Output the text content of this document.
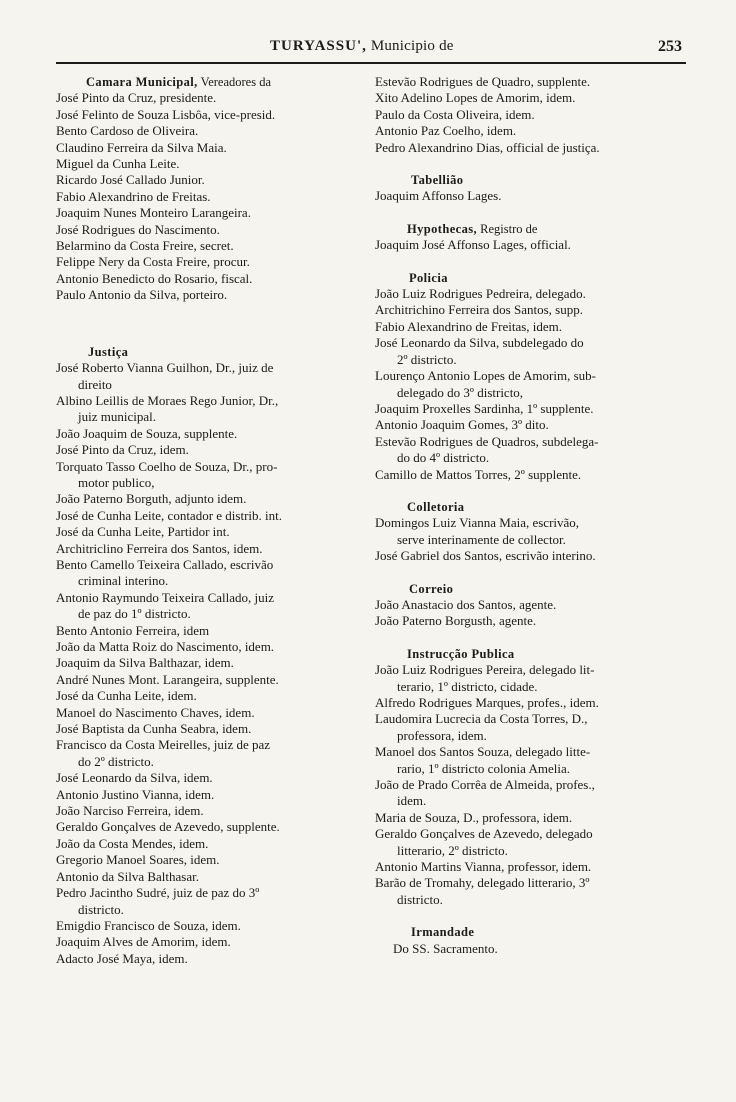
TURYASSU', Municipio de	253
Camara Municipal, Vereadores da
José Pinto da Cruz, presidente.
José Felinto de Souza Lisbôa, vice-presid.
Bento Cardoso de Oliveira.
Claudino Ferreira da Silva Maia.
Miguel da Cunha Leite.
Ricardo José Callado Junior.
Fabio Alexandrino de Freitas.
Joaquim Nunes Monteiro Larangeira.
José Rodrigues do Nascimento.
Belarmino da Costa Freire, secret.
Felippe Nery da Costa Freire, procur.
Antonio Benedicto do Rosario, fiscal.
Paulo Antonio da Silva, porteiro.
Justiça
José Roberto Vianna Guilhon, Dr., juiz de
direito
Albino Leillis de Moraes Rego Junior, Dr.,
juiz municipal.
João Joaquim de Souza, supplente.
José Pinto da Cruz, idem.
Torquato Tasso Coelho de Souza, Dr., pro-
motor publico,
João Paterno Borguth, adjunto idem.
José de Cunha Leite, contador e distrib. int.
José da Cunha Leite, Partidor int.
Architriclino Ferreira dos Santos, idem.
Bento Camello Teixeira Callado, escrivão
criminal interino.
Antonio Raymundo Teixeira Callado, juiz
de paz do 1º districto.
Bento Antonio Ferreira, idem
João da Matta Roiz do Nascimento, idem.
Joaquim da Silva Balthazar, idem.
André Nunes Mont. Larangeira, supplente.
José da Cunha Leite, idem.
Manoel do Nascimento Chaves, idem.
José Baptista da Cunha Seabra, idem.
Francisco da Costa Meirelles, juiz de paz
do 2º districto.
José Leonardo da Silva, idem.
Antonio Justino Vianna, idem.
João Narciso Ferreira, idem.
Geraldo Gonçalves de Azevedo, supplente.
João da Costa Mendes, idem.
Gregorio Manoel Soares, idem.
Antonio da Silva Balthasar.
Pedro Jacintho Sudré, juiz de paz do 3º
districto.
Emigdio Francisco de Souza, idem.
Joaquim Alves de Amorim, idem.
Adacto José Maya, idem.
Estevão Rodrigues de Quadro, supplente.
Xito Adelino Lopes de Amorim, idem.
Paulo da Costa Oliveira, idem.
Antonio Paz Coelho, idem.
Pedro Alexandrino Dias, official de justiça.
Tabellião
Joaquim Affonso Lages.
Hypothecas, Registro de
Joaquim José Affonso Lages, official.
Policia
João Luiz Rodrigues Pedreira, delegado.
Architrichino Ferreira dos Santos, supp.
Fabio Alexandrino de Freitas, idem.
José Leonardo da Silva, subdelegado do
2º districto.
Lourenço Antonio Lopes de Amorim, sub-
delegado do 3º districto,
Joaquim Proxelles Sardinha, 1º supplente.
Antonio Joaquim Gomes, 3º dito.
Estevão Rodrigues de Quadros, subdelega-
do do 4º districto.
Camillo de Mattos Torres, 2º supplente.
Colletoria
Domingos Luiz Vianna Maia, escrivão,
serve interinamente de collector.
José Gabriel dos Santos, escrivão interino.
Correio
João Anastacio dos Santos, agente.
João Paterno Borgusth, agente.
Instrucção Publica
João Luiz Rodrigues Pereira, delegado lit-
terario, 1º districto, cidade.
Alfredo Rodrigues Marques, profes., idem.
Laudomira Lucrecia da Costa Torres, D.,
professora, idem.
Manoel dos Santos Souza, delegado litte-
rario, 1º districto colonia Amelia.
João de Prado Corrêa de Almeida, profes.,
idem.
Maria de Souza, D., professora, idem.
Geraldo Gonçalves de Azevedo, delegado
litterario, 2º districto.
Antonio Martins Vianna, professor, idem.
Barão de Tromahy, delegado litterario, 3º
districto.
Irmandade
Do SS. Sacramento.
